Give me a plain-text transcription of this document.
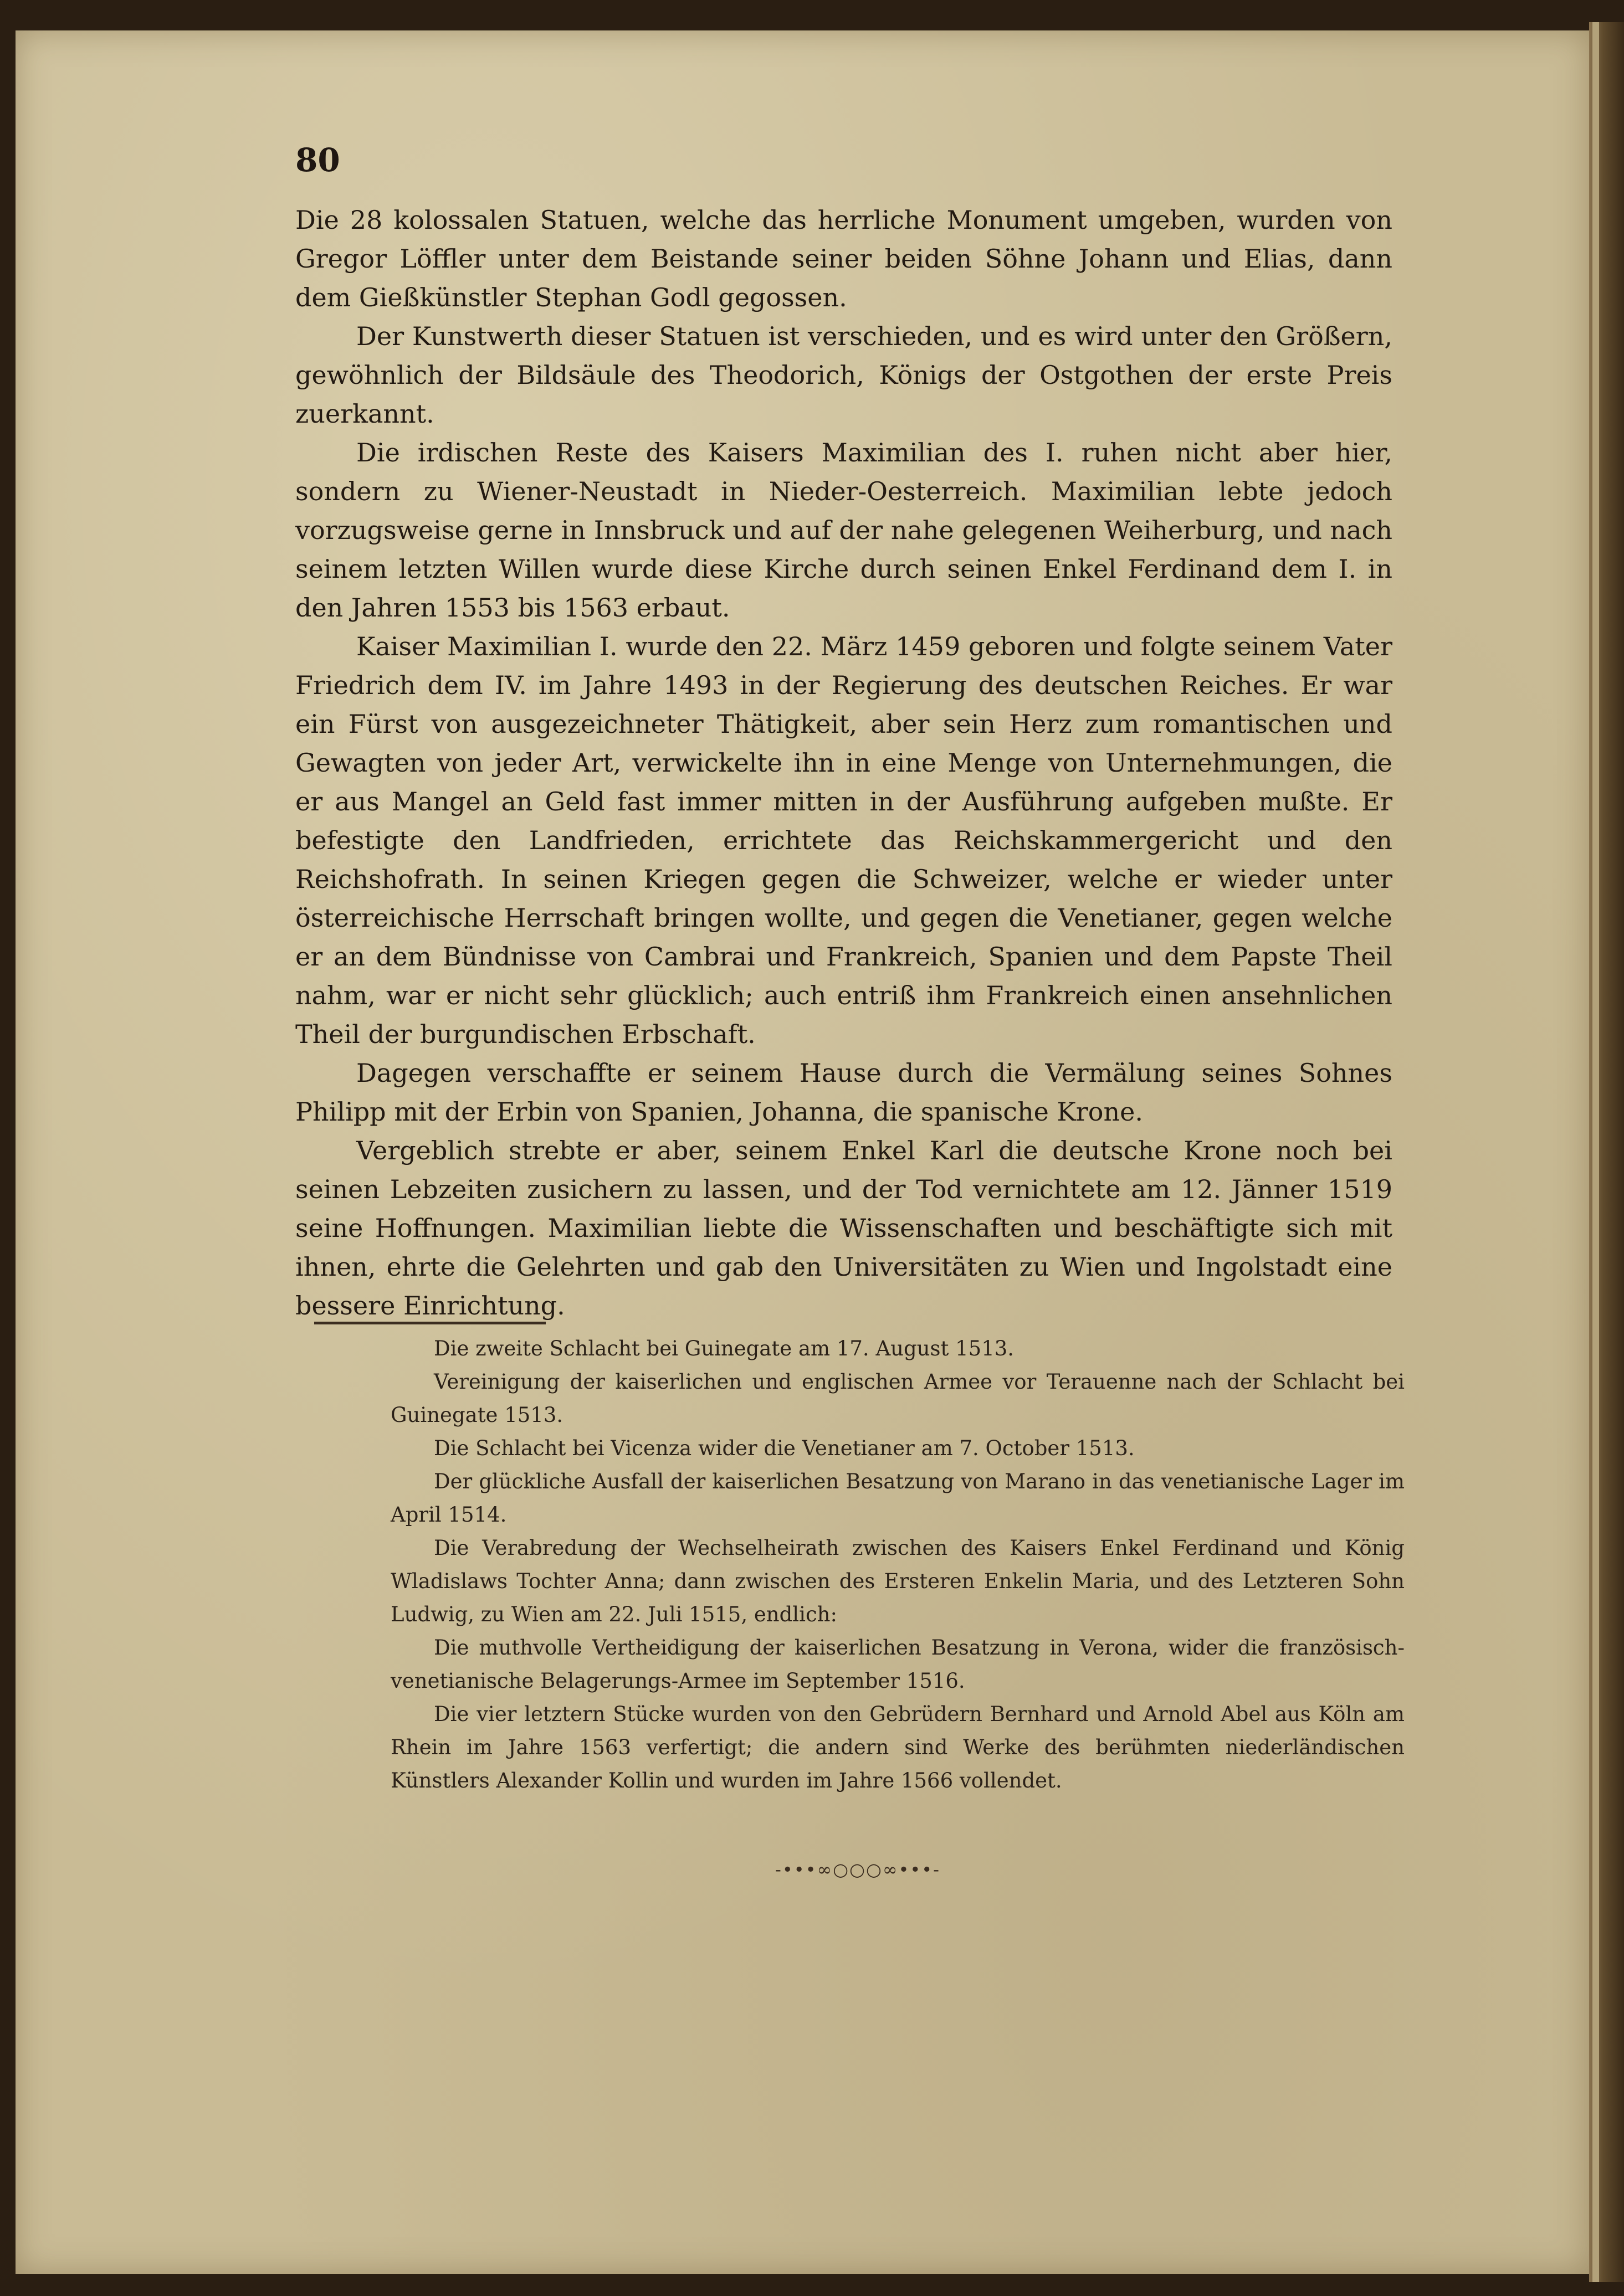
80

Die 28 kolossalen Statuen, welche das herrliche Monument umgeben, wurden von Gregor Löffler unter dem Beistande seiner beiden Söhne Johann und Elias, dann dem Gießkünstler Stephan Godl gegossen.

Der Kunstwerth dieser Statuen ist verschieden, und es wird unter den Größern, gewöhnlich der Bildsäule des Theodorich, Königs der Ostgothen der erste Preis zuerkannt.

Die irdischen Reste des Kaisers Maximilian des I. ruhen nicht aber hier, sondern zu Wiener-Neustadt in Nieder-Oesterreich. Maximilian lebte jedoch vorzugsweise gerne in Innsbruck und auf der nahe gelegenen Weiherburg, und nach seinem letzten Willen wurde diese Kirche durch seinen Enkel Ferdinand dem I. in den Jahren 1553 bis 1563 erbaut.

Kaiser Maximilian I. wurde den 22. März 1459 geboren und folgte seinem Vater Friedrich dem IV. im Jahre 1493 in der Regierung des deutschen Reiches. Er war ein Fürst von ausgezeichneter Thätigkeit, aber sein Herz zum romantischen und Gewagten von jeder Art, verwickelte ihn in eine Menge von Unternehmungen, die er aus Mangel an Geld fast immer mitten in der Ausführung aufgeben mußte. Er befestigte den Landfrieden, errichtete das Reichskammergericht und den Reichshofrath. In seinen Kriegen gegen die Schweizer, welche er wieder unter österreichische Herrschaft bringen wollte, und gegen die Venetianer, gegen welche er an dem Bündnisse von Cambrai und Frankreich, Spanien und dem Papste Theil nahm, war er nicht sehr glücklich; auch entriß ihm Frankreich einen ansehnlichen Theil der burgundischen Erbschaft.

Dagegen verschaffte er seinem Hause durch die Vermälung seines Sohnes Philipp mit der Erbin von Spanien, Johanna, die spanische Krone.

Vergeblich strebte er aber, seinem Enkel Karl die deutsche Krone noch bei seinen Lebzeiten zusichern zu lassen, und der Tod vernichtete am 12. Jänner 1519 seine Hoffnungen. Maximilian liebte die Wissenschaften und beschäftigte sich mit ihnen, ehrte die Gelehrten und gab den Universitäten zu Wien und Ingolstadt eine bessere Einrichtung.

Die zweite Schlacht bei Guinegate am 17. August 1513.

Vereinigung der kaiserlichen und englischen Armee vor Terauenne nach der Schlacht bei Guinegate 1513.

Die Schlacht bei Vicenza wider die Venetianer am 7. October 1513.

Der glückliche Ausfall der kaiserlichen Besatzung von Marano in das venetianische Lager im April 1514.

Die Verabredung der Wechselheirath zwischen des Kaisers Enkel Ferdinand und König Wladislaws Tochter Anna; dann zwischen des Ersteren Enkelin Maria, und des Letzteren Sohn Ludwig, zu Wien am 22. Juli 1515, endlich:

Die muthvolle Vertheidigung der kaiserlichen Besatzung in Verona, wider die französisch-venetianische Belagerungs-Armee im September 1516.

Die vier letztern Stücke wurden von den Gebrüdern Bernhard und Arnold Abel aus Köln am Rhein im Jahre 1563 verfertigt; die andern sind Werke des berühmten niederländischen Künstlers Alexander Kollin und wurden im Jahre 1566 vollendet.

-•••∞○○○∞•••-
